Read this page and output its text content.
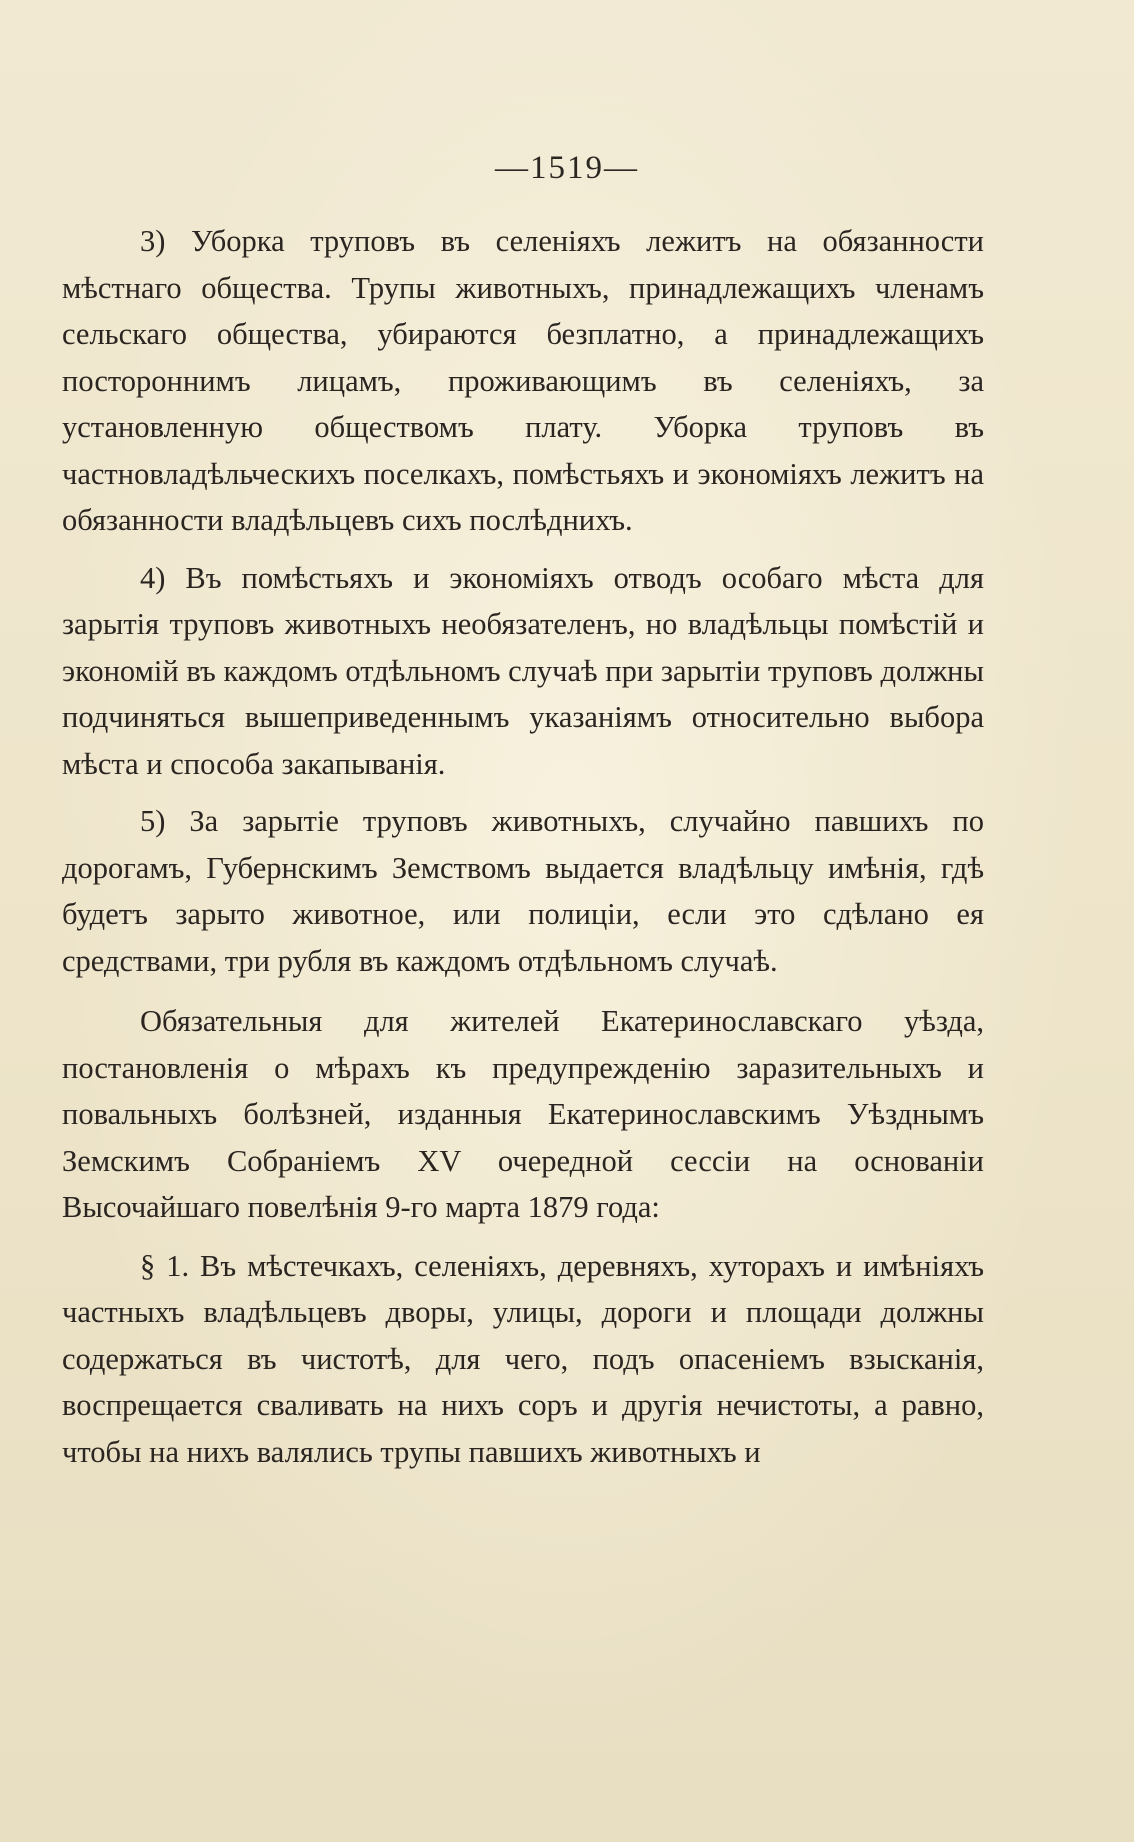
—1519—

3) Уборка труповъ въ селеніяхъ лежитъ на обязанности мѣстнаго общества. Трупы животныхъ, принадлежащихъ членамъ сельскаго общества, убираются безплатно, а принадлежащихъ постороннимъ лицамъ, проживающимъ въ селеніяхъ, за установленную обществомъ плату. Уборка труповъ въ частновладѣльческихъ поселкахъ, помѣстьяхъ и экономіяхъ лежитъ на обязанности владѣльцевъ сихъ послѣднихъ.

4) Въ помѣстьяхъ и экономіяхъ отводъ особаго мѣста для зарытія труповъ животныхъ необязателенъ, но владѣльцы помѣстій и экономій въ каждомъ отдѣльномъ случаѣ при зарытіи труповъ должны подчиняться вышеприведеннымъ указаніямъ относительно выбора мѣста и способа закапыванія.

5) За зарытіе труповъ животныхъ, случайно павшихъ по дорогамъ, Губернскимъ Земствомъ выдается владѣльцу имѣнія, гдѣ будетъ зарыто животное, или полиціи, если это сдѣлано ея средствами, три рубля въ каждомъ отдѣльномъ случаѣ.

Обязательныя для жителей Екатеринославскаго уѣзда, постановленія о мѣрахъ къ предупрежденію заразительныхъ и повальныхъ болѣзней, изданныя Екатеринославскимъ Уѣзднымъ Земскимъ Собраніемъ XV очередной сессіи на основаніи Высочайшаго повелѣнія 9-го марта 1879 года:

§ 1. Въ мѣстечкахъ, селеніяхъ, деревняхъ, хуторахъ и имѣніяхъ частныхъ владѣльцевъ дворы, улицы, дороги и площади должны содержаться въ чистотѣ, для чего, подъ опасеніемъ взысканія, воспрещается сваливать на нихъ соръ и другія нечистоты, а равно, чтобы на нихъ валялись трупы павшихъ животныхъ и
